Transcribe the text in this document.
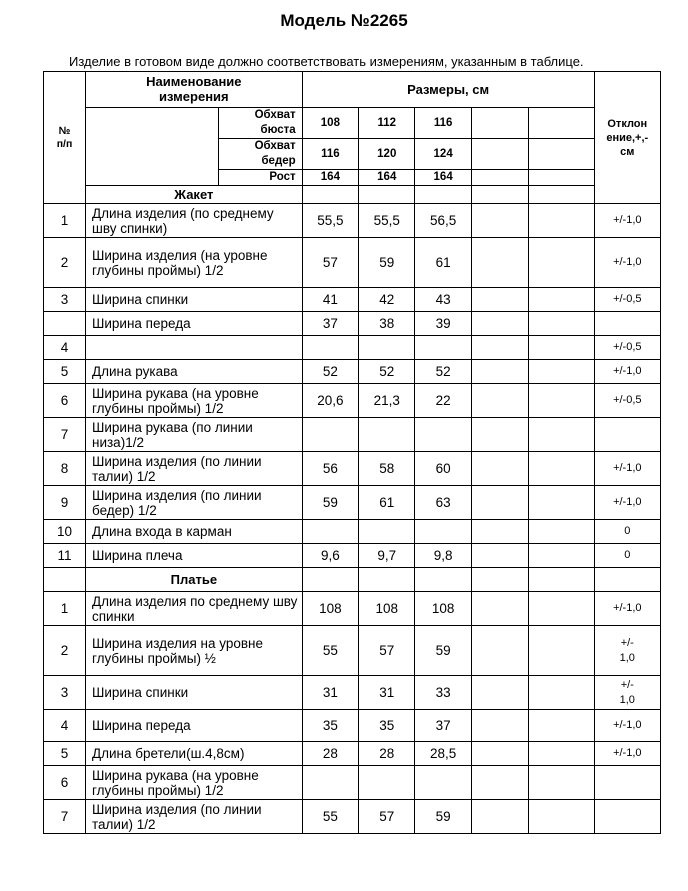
Модель №2265
Изделие в готовом виде должно соответствовать измерениям, указанным в таблице.
№
п/п	Наименование
измерения		Размеры, см					Отклон
ение,+,-
см
		Обхват бюста	108	112	116			
		Обхват бедер	116	120	124			
		Рост	164	164	164			
	Жакет							
1	Длина изделия (по среднему шву спинки)		55,5	55,5	56,5			+/-1,0
2	Ширина изделия (на уровне глубины проймы) 1/2		57	59	61			+/-1,0
3	Ширина спинки		41	42	43			+/-0,5
	Ширина переда		37	38	39			
4								+/-0,5
5	Длина рукава		52	52	52			+/-1,0
6	Ширина рукава (на уровне глубины проймы) 1/2		20,6	21,3	22			+/-0,5
7	Ширина рукава (по линии низа)1/2							
8	Ширина изделия (по линии талии) 1/2		56	58	60			+/-1,0
9	Ширина изделия (по линии бедер) 1/2		59	61	63			+/-1,0
10	Длина входа в карман							0
11	Ширина плеча		9,6	9,7	9,8			0
	Платье							
1	Длина изделия по среднему шву спинки		108	108	108			+/-1,0
2	Ширина изделия на уровне глубины проймы) ½		55	57	59			+/-
1,0
3	Ширина спинки		31	31	33			+/-
1,0
4	Ширина переда		35	35	37			+/-1,0
5	Длина бретели(ш.4,8см)		28	28	28,5			+/-1,0
6	Ширина рукава (на уровне глубины проймы) 1/2							
7	Ширина изделия (по линии талии) 1/2		55	57	59			
